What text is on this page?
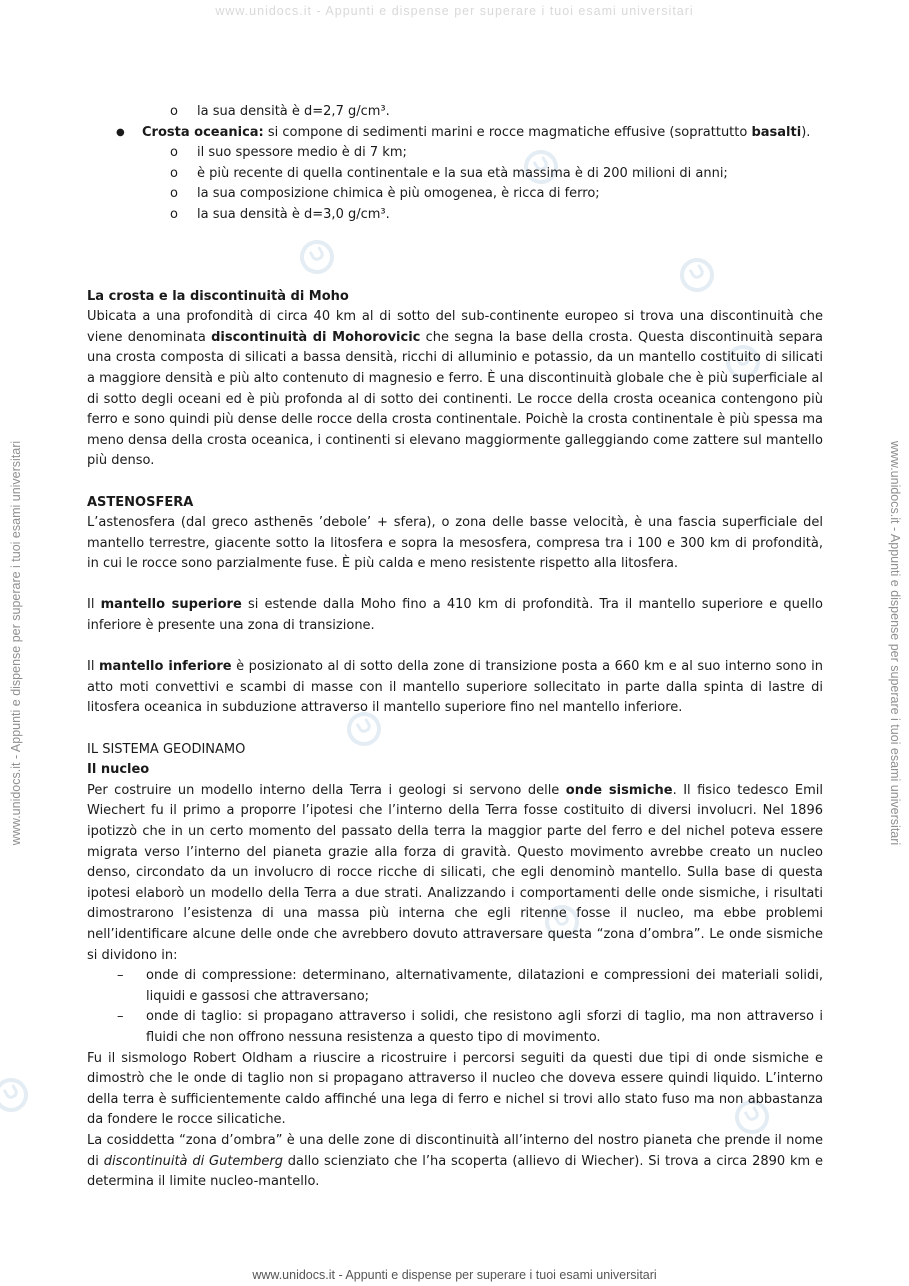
www.unidocs.it - Appunti e dispense per superare i tuoi esami universitari
www.unidocs.it - Appunti e dispense per superare i tuoi esami universitari
www.unidocs.it - Appunti e dispense per superare i tuoi esami universitari	www.unidocs.it - Appunti e dispense per superare i tuoi esami universitari
o la sua densità è d=2,7 g/cm³.
● Crosta oceanica: si compone di sedimenti marini e rocce magmatiche effusive (soprattutto basalti).
o il suo spessore medio è di 7 km;
o è più recente di quella continentale e la sua età massima è di 200 milioni di anni;
o la sua composizione chimica è più omogenea, è ricca di ferro;
o la sua densità è d=3,0 g/cm³.

La crosta e la discontinuità di Moho

Ubicata a una profondità di circa 40 km al di sotto del sub-continente europeo si trova una discontinuità che viene denominata discontinuità di Mohorovicic che segna la base della crosta. Questa discontinuità separa una crosta composta di silicati a bassa densità, ricchi di alluminio e potassio, da un mantello costituito di silicati a maggiore densità e più alto contenuto di magnesio e ferro. È una discontinuità globale che è più superficiale al di sotto degli oceani ed è più profonda al di sotto dei continenti. Le rocce della crosta oceanica contengono più ferro e sono quindi più dense delle rocce della crosta continentale. Poichè la crosta continentale è più spessa ma meno densa della crosta oceanica, i continenti si elevano maggiormente galleggiando come zattere sul mantello più denso.

ASTENOSFERA

L’astenosfera (dal greco asthenēs ’debole’ + sfera), o zona delle basse velocità, è una fascia superficiale del mantello terrestre, giacente sotto la litosfera e sopra la mesosfera, compresa tra i 100 e 300 km di profondità, in cui le rocce sono parzialmente fuse. È più calda e meno resistente rispetto alla litosfera.

Il mantello superiore si estende dalla Moho fino a 410 km di profondità. Tra il mantello superiore e quello inferiore è presente una zona di transizione.

Il mantello inferiore è posizionato al di sotto della zone di transizione posta a 660 km e al suo interno sono in atto moti convettivi e scambi di masse con il mantello superiore sollecitato in parte dalla spinta di lastre di litosfera oceanica in subduzione attraverso il mantello superiore fino nel mantello inferiore.

IL SISTEMA GEODINAMO

Il nucleo

Per costruire un modello interno della Terra i geologi si servono delle onde sismiche. Il fisico tedesco Emil Wiechert fu il primo a proporre l’ipotesi che l’interno della Terra fosse costituito di diversi involucri. Nel 1896 ipotizzò che in un certo momento del passato della terra la maggior parte del ferro e del nichel poteva essere migrata verso l’interno del pianeta grazie alla forza di gravità. Questo movimento avrebbe creato un nucleo denso, circondato da un involucro di rocce ricche di silicati, che egli denominò mantello. Sulla base di questa ipotesi elaborò un modello della Terra a due strati. Analizzando i comportamenti delle onde sismiche, i risultati dimostrarono l’esistenza di una massa più interna che egli ritenne fosse il nucleo, ma ebbe problemi nell’identificare alcune delle onde che avrebbero dovuto attraversare questa “zona d’ombra”. Le onde sismiche si dividono in:

– onde di compressione: determinano, alternativamente, dilatazioni e compressioni dei materiali solidi, liquidi e gassosi che attraversano;

– onde di taglio: si propagano attraverso i solidi, che resistono agli sforzi di taglio, ma non attraverso i fluidi che non offrono nessuna resistenza a questo tipo di movimento.

Fu il sismologo Robert Oldham a riuscire a ricostruire i percorsi seguiti da questi due tipi di onde sismiche e dimostrò che le onde di taglio non si propagano attraverso il nucleo che doveva essere quindi liquido. L’interno della terra è sufficientemente caldo affinché una lega di ferro e nichel si trovi allo stato fuso ma non abbastanza da fondere le rocce silicatiche.

La cosiddetta “zona d’ombra” è una delle zone di discontinuità all’interno del nostro pianeta che prende il nome di discontinuità di Gutemberg dallo scienziato che l’ha scoperta (allievo di Wiecher). Si trova a circa 2890 km e determina il limite nucleo-mantello.
